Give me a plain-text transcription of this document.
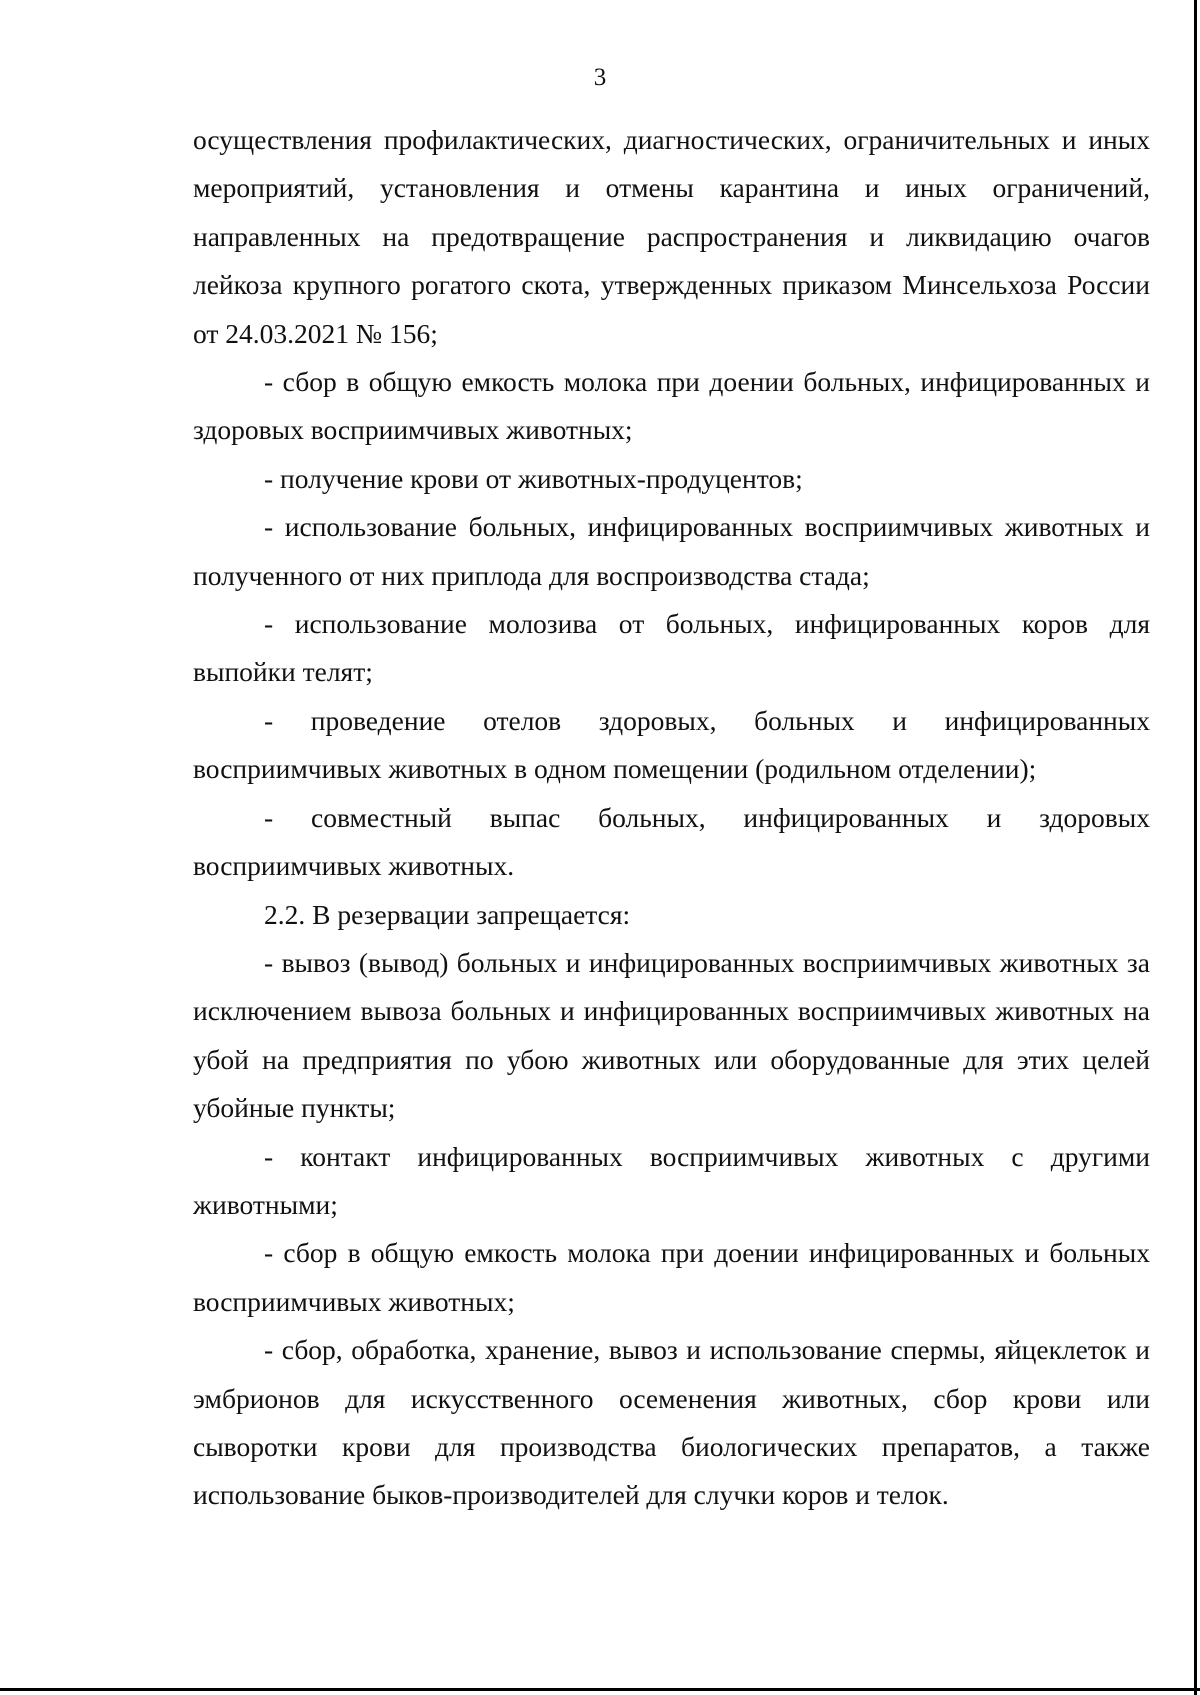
3

осуществления профилактических, диагностических, ограничительных и иных мероприятий, установления и отмены карантина и иных ограничений, направленных на предотвращение распространения и ликвидацию очагов лейкоза крупного рогатого скота, утвержденных приказом Минсельхоза России от 24.03.2021 № 156;

- сбор в общую емкость молока при доении больных, инфицированных и здоровых восприимчивых животных;

- получение крови от животных-продуцентов;

- использование больных, инфицированных восприимчивых животных и полученного от них приплода для воспроизводства стада;

- использование молозива от больных, инфицированных коров для выпойки телят;

- проведение отелов здоровых, больных и инфицированных восприимчивых животных в одном помещении (родильном отделении);

- совместный выпас больных, инфицированных и здоровых восприимчивых животных.

2.2. В резервации запрещается:

- вывоз (вывод) больных и инфицированных восприимчивых животных за исключением вывоза больных и инфицированных восприимчивых животных на убой на предприятия по убою животных или оборудованные для этих целей убойные пункты;

- контакт инфицированных восприимчивых животных с другими животными;

- сбор в общую емкость молока при доении инфицированных и больных восприимчивых животных;

- сбор, обработка, хранение, вывоз и использование спермы, яйцеклеток и эмбрионов для искусственного осеменения животных, сбор крови или сыворотки крови для производства биологических препаратов, а также использование быков-производителей для случки коров и телок.
